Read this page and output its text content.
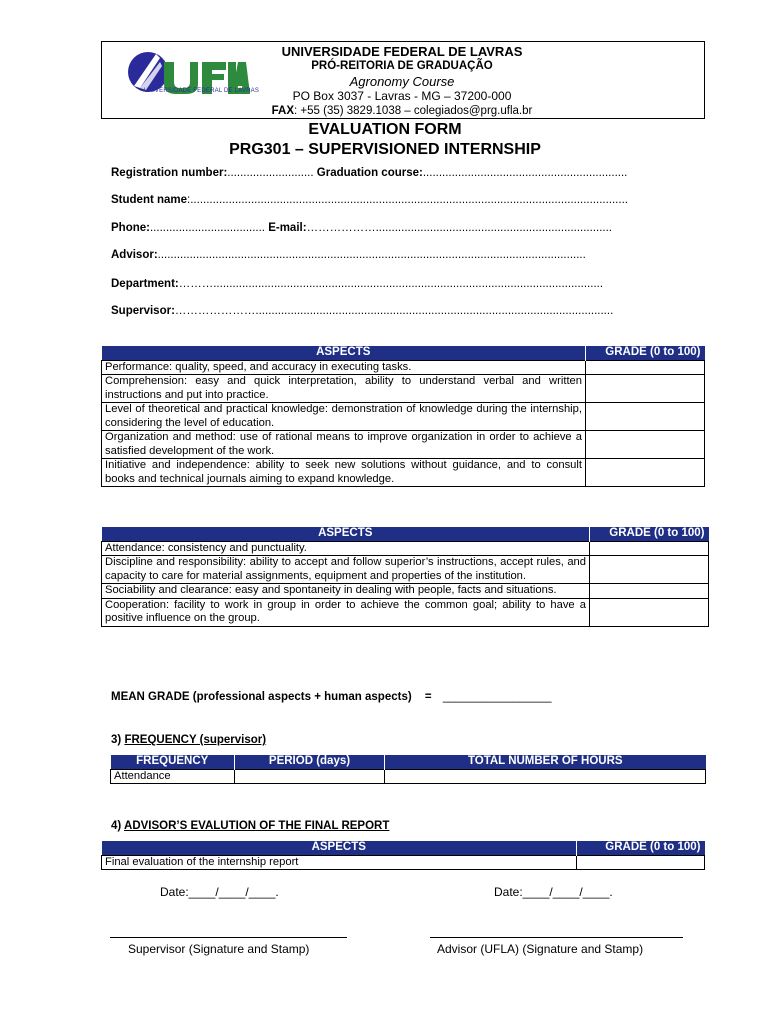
UNIVERSIDADE FEDERAL DE LAVRAS
UNIVERSIDADE FEDERAL DE LAVRAS
PRÓ-REITORIA DE GRADUAÇÃO
Agronomy Course
PO Box 3037 - Lavras - MG – 37200-000
FAX: +55 (35) 3829.1038 – colegiados@prg.ufla.br
EVALUATION FORM
PRG301 – SUPERVISIONED INTERNSHIP
Registration number:........................... Graduation course:................................................................
Student name:.........................................................................................................................................
Phone:.................................... E-mail:………………..........................................................................
Advisor:......................................................................................................................................
Department:………..........................................................................................................................
Supervisor:…………………................................................................................................................
ASPECTS	GRADE (0 to 100)
Performance: quality, speed, and accuracy in executing tasks.	
Comprehension: easy and quick interpretation, ability to understand verbal and written instructions and put into practice.	
Level of theoretical and practical knowledge: demonstration of knowledge during the internship, considering the level of education.	
Organization and method: use of rational means to improve organization in order to achieve a satisfied development of the work.	
Initiative and independence: ability to seek new solutions without guidance, and to consult books and technical journals aiming to expand knowledge.	
ASPECTS	GRADE (0 to 100)
Attendance: consistency and punctuality.	
Discipline and responsibility: ability to accept and follow superior’s instructions, accept rules, and capacity to care for material assignments, equipment and properties of the institution.	
Sociability and clearance: easy and spontaneity in dealing with people, facts and situations.	
Cooperation: facility to work in group in order to achieve the common goal; ability to have a positive influence on the group.	
MEAN GRADE (professional aspects + human aspects) = _________________
3) FREQUENCY (supervisor)
FREQUENCY	PERIOD (days)	TOTAL NUMBER OF HOURS
Attendance		
4) ADVISOR’S EVALUTION OF THE FINAL REPORT
ASPECTS	GRADE (0 to 100)
Final evaluation of the internship report	
Date:____/____/____.	Date:____/____/____.
Supervisor (Signature and Stamp)	Advisor (UFLA) (Signature and Stamp)
